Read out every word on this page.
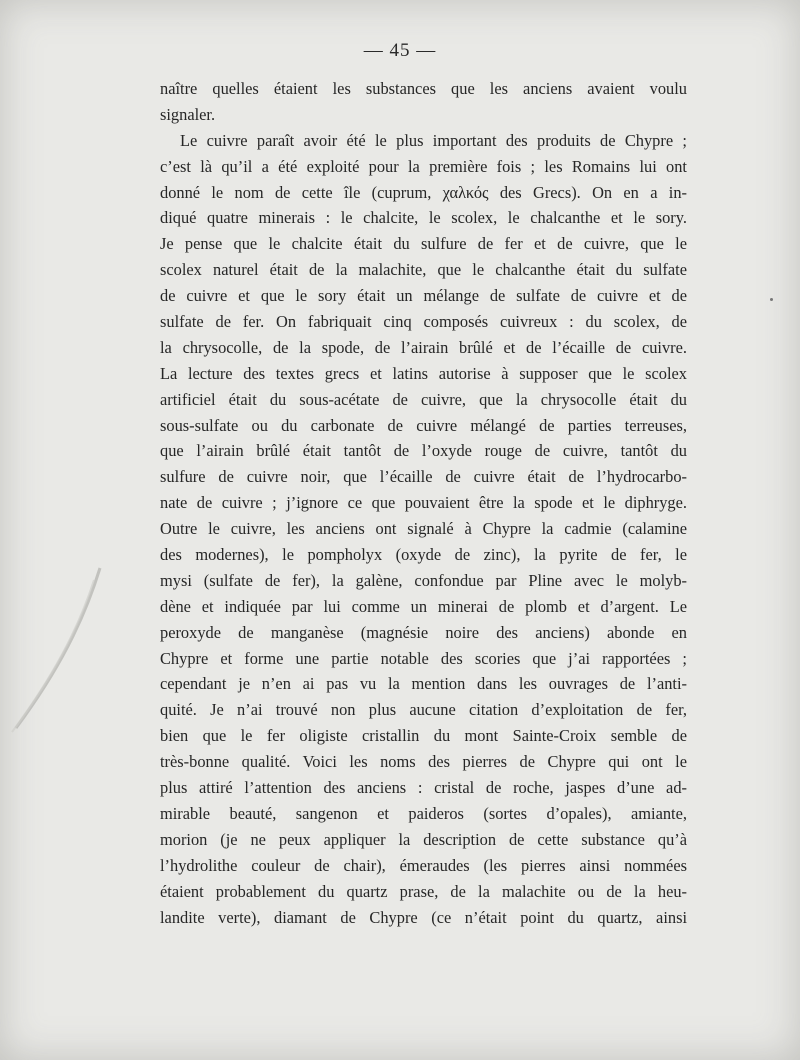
— 45 —
naître quelles étaient les substances que les anciens avaient voulu
signaler.
Le cuivre paraît avoir été le plus important des produits de Chypre ;
c’est là qu’il a été exploité pour la première fois ; les Romains lui ont
donné le nom de cette île (cuprum, χαλκός des Grecs). On en a in-
diqué quatre minerais : le chalcite, le scolex, le chalcanthe et le sory.
Je pense que le chalcite était du sulfure de fer et de cuivre, que le
scolex naturel était de la malachite, que le chalcanthe était du sulfate
de cuivre et que le sory était un mélange de sulfate de cuivre et de
sulfate de fer. On fabriquait cinq composés cuivreux : du scolex, de
la chrysocolle, de la spode, de l’airain brûlé et de l’écaille de cuivre.
La lecture des textes grecs et latins autorise à supposer que le scolex
artificiel était du sous-acétate de cuivre, que la chrysocolle était du
sous-sulfate ou du carbonate de cuivre mélangé de parties terreuses,
que l’airain brûlé était tantôt de l’oxyde rouge de cuivre, tantôt du
sulfure de cuivre noir, que l’écaille de cuivre était de l’hydrocarbo-
nate de cuivre ; j’ignore ce que pouvaient être la spode et le diphryge.
Outre le cuivre, les anciens ont signalé à Chypre la cadmie (calamine
des modernes), le pompholyx (oxyde de zinc), la pyrite de fer, le
mysi (sulfate de fer), la galène, confondue par Pline avec le molyb-
dène et indiquée par lui comme un minerai de plomb et d’argent. Le
peroxyde de manganèse (magnésie noire des anciens) abonde en
Chypre et forme une partie notable des scories que j’ai rapportées ;
cependant je n’en ai pas vu la mention dans les ouvrages de l’anti-
quité. Je n’ai trouvé non plus aucune citation d’exploitation de fer,
bien que le fer oligiste cristallin du mont Sainte-Croix semble de
très-bonne qualité. Voici les noms des pierres de Chypre qui ont le
plus attiré l’attention des anciens : cristal de roche, jaspes d’une ad-
mirable beauté, sangenon et paideros (sortes d’opales), amiante,
morion (je ne peux appliquer la description de cette substance qu’à
l’hydrolithe couleur de chair), émeraudes (les pierres ainsi nommées
étaient probablement du quartz prase, de la malachite ou de la heu-
landite verte), diamant de Chypre (ce n’était point du quartz, ainsi
